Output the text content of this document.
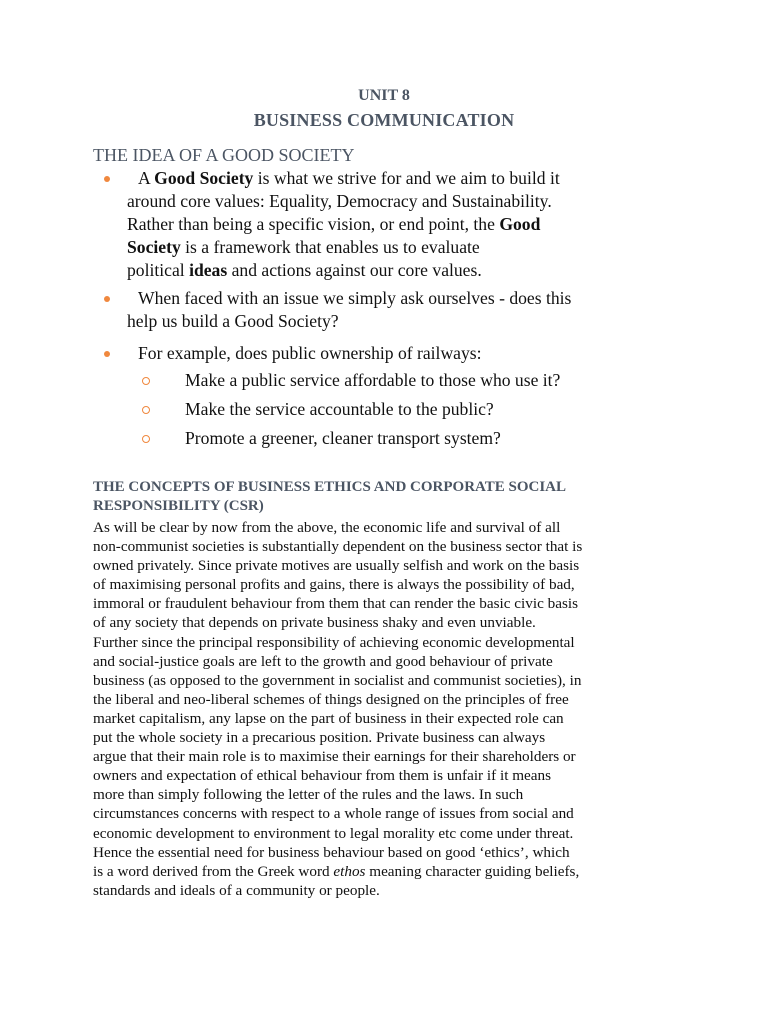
UNIT 8
BUSINESS COMMUNICATION
THE IDEA OF A GOOD SOCIETY
A Good Society is what we strive for and we aim to build it
around core values: Equality, Democracy and Sustainability.
Rather than being a specific vision, or end point, the Good
Society is a framework that enables us to evaluate
political ideas and actions against our core values.
When faced with an issue we simply ask ourselves - does this
help us build a Good Society?
For example, does public ownership of railways:
Make a public service affordable to those who use it?
Make the service accountable to the public?
Promote a greener, cleaner transport system?
THE CONCEPTS OF BUSINESS ETHICS AND CORPORATE SOCIAL
RESPONSIBILITY (CSR)
As will be clear by now from the above, the economic life and survival of all
non-communist societies is substantially dependent on the business sector that is
owned privately. Since private motives are usually selfish and work on the basis
of maximising personal profits and gains, there is always the possibility of bad,
immoral or fraudulent behaviour from them that can render the basic civic basis
of any society that depends on private business shaky and even unviable.
Further since the principal responsibility of achieving economic developmental
and social-justice goals are left to the growth and good behaviour of private
business (as opposed to the government in socialist and communist societies), in
the liberal and neo-liberal schemes of things designed on the principles of free
market capitalism, any lapse on the part of business in their expected role can
put the whole society in a precarious position. Private business can always
argue that their main role is to maximise their earnings for their shareholders or
owners and expectation of ethical behaviour from them is unfair if it means
more than simply following the letter of the rules and the laws. In such
circumstances concerns with respect to a whole range of issues from social and
economic development to environment to legal morality etc come under threat.
Hence the essential need for business behaviour based on good ‘ethics’, which
is a word derived from the Greek word ethos meaning character guiding beliefs,
standards and ideals of a community or people.
